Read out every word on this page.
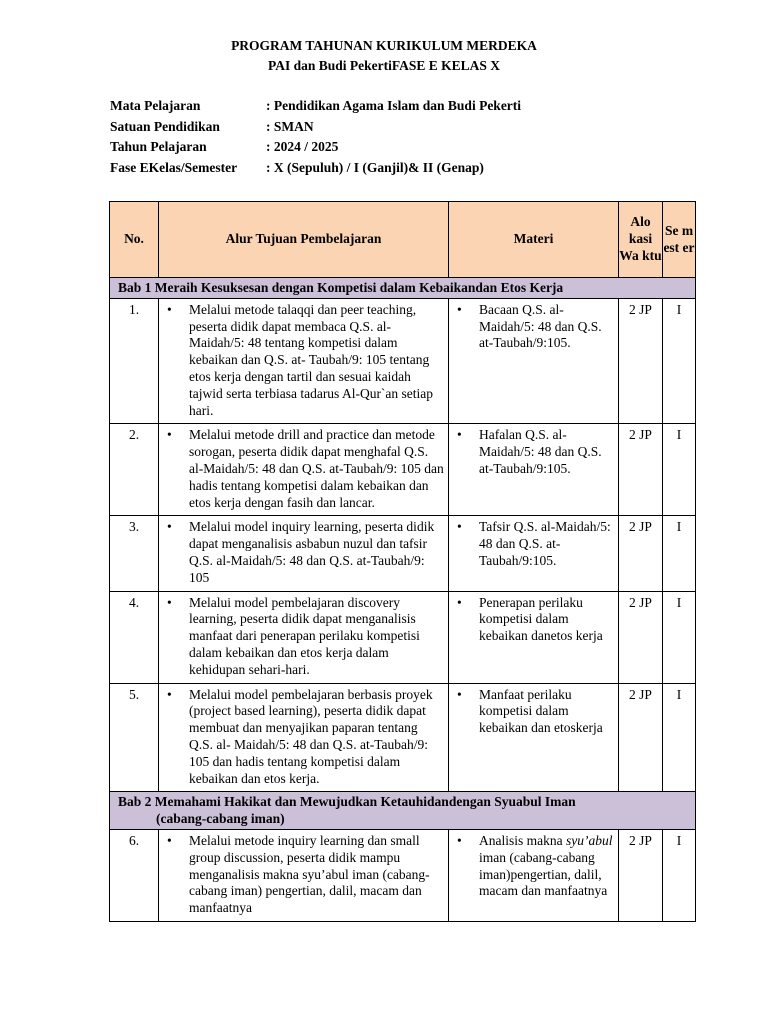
PROGRAM TAHUNAN KURIKULUM MERDEKA
PAI dan Budi PekertiFASE E KELAS X
Mata Pelajaran	: Pendidikan Agama Islam dan Budi Pekerti
Satuan Pendidikan	: SMAN
Tahun Pelajaran	: 2024 / 2025
Fase EKelas/Semester	: X (Sepuluh) / I (Ganjil)& II (Genap)
No.	Alur Tujuan Pembelajaran	Materi	Alo kasi Wa ktu	Se m est er
Bab 1 Meraih Kesuksesan dengan Kompetisi dalam Kebaikandan Etos Kerja				
1.	• Melalui metode talaqqi dan peer teaching, peserta didik dapat membaca Q.S. al-Maidah/5: 48 tentang kompetisi dalam kebaikan dan Q.S. at- Taubah/9: 105 tentang etos kerja dengan tartil dan sesuai kaidah tajwid serta terbiasa tadarus Al-Qur`an setiap hari.	• Bacaan Q.S. al-Maidah/5: 48 dan Q.S. at-Taubah/9:105.	2 JP	I
2.	• Melalui metode drill and practice dan metode sorogan, peserta didik dapat menghafal Q.S. al-Maidah/5: 48 dan Q.S. at-Taubah/9: 105 dan hadis tentang kompetisi dalam kebaikan dan etos kerja dengan fasih dan lancar.	• Hafalan Q.S. al-Maidah/5: 48 dan Q.S. at-Taubah/9:105.	2 JP	I
3.	• Melalui model inquiry learning, peserta didik dapat menganalisis asbabun nuzul dan tafsir Q.S. al-Maidah/5: 48 dan Q.S. at-Taubah/9: 105	• Tafsir Q.S. al-Maidah/5: 48 dan Q.S. at-Taubah/9:105.	2 JP	I
4.	• Melalui model pembelajaran discovery learning, peserta didik dapat menganalisis manfaat dari penerapan perilaku kompetisi dalam kebaikan dan etos kerja dalam kehidupan sehari-hari.	• Penerapan perilaku kompetisi dalam kebaikan danetos kerja	2 JP	I
5.	• Melalui model pembelajaran berbasis proyek (project based learning), peserta didik dapat membuat dan menyajikan paparan tentang Q.S. al- Maidah/5: 48 dan Q.S. at-Taubah/9: 105 dan hadis tentang kompetisi dalam kebaikan dan etos kerja.	• Manfaat perilaku kompetisi dalam kebaikan dan etoskerja	2 JP	I

Bab 2 Memahami Hakikat dan Mewujudkan Ketauhidandengan Syuabul Iman
(cabang-cabang iman)				

6.	• Melalui metode inquiry learning dan small group discussion, peserta didik mampu menganalisis makna syu’abul iman (cabang-cabang iman) pengertian, dalil, macam dan manfaatnya	• Analisis makna syu’abul iman (cabang-cabang iman)pengertian, dalil, macam dan manfaatnya	2 JP	I
